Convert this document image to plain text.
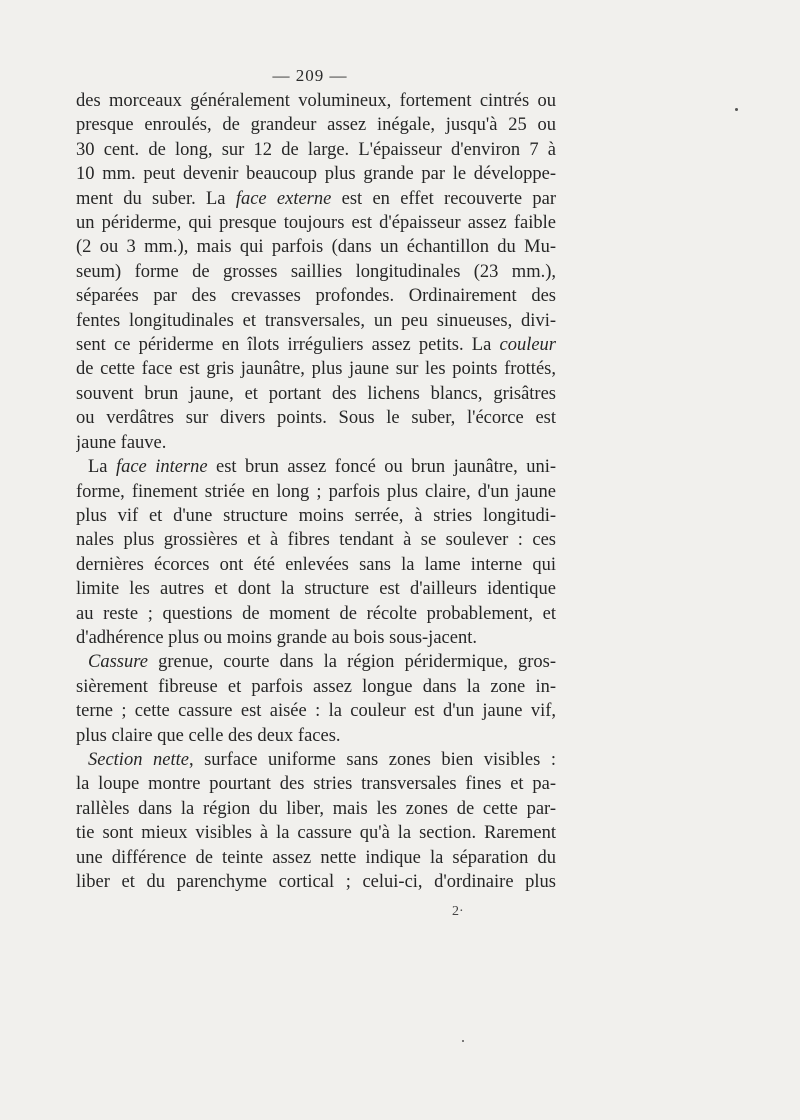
— 209 —
des morceaux généralement volumineux, fortement cintrés ou
presque enroulés, de grandeur assez inégale, jusqu'à 25 ou
30 cent. de long, sur 12 de large. L'épaisseur d'environ 7 à
10 mm. peut devenir beaucoup plus grande par le développe-
ment du suber. La face externe est en effet recouverte par
un périderme, qui presque toujours est d'épaisseur assez faible
(2 ou 3 mm.), mais qui parfois (dans un échantillon du Mu-
seum) forme de grosses saillies longitudinales (23 mm.),
séparées par des crevasses profondes. Ordinairement des
fentes longitudinales et transversales, un peu sinueuses, divi-
sent ce périderme en îlots irréguliers assez petits. La couleur
de cette face est gris jaunâtre, plus jaune sur les points frottés,
souvent brun jaune, et portant des lichens blancs, grisâtres
ou verdâtres sur divers points. Sous le suber, l'écorce est
jaune fauve.
La face interne est brun assez foncé ou brun jaunâtre, uni-
forme, finement striée en long ; parfois plus claire, d'un jaune
plus vif et d'une structure moins serrée, à stries longitudi-
nales plus grossières et à fibres tendant à se soulever : ces
dernières écorces ont été enlevées sans la lame interne qui
limite les autres et dont la structure est d'ailleurs identique
au reste ; questions de moment de récolte probablement, et
d'adhérence plus ou moins grande au bois sous-jacent.
Cassure grenue, courte dans la région péridermique, gros-
sièrement fibreuse et parfois assez longue dans la zone in-
terne ; cette cassure est aisée : la couleur est d'un jaune vif,
plus claire que celle des deux faces.
Section nette, surface uniforme sans zones bien visibles :
la loupe montre pourtant des stries transversales fines et pa-
rallèles dans la région du liber, mais les zones de cette par-
tie sont mieux visibles à la cassure qu'à la section. Rarement
une différence de teinte assez nette indique la séparation du
liber et du parenchyme cortical ; celui-ci, d'ordinaire plus
2·
